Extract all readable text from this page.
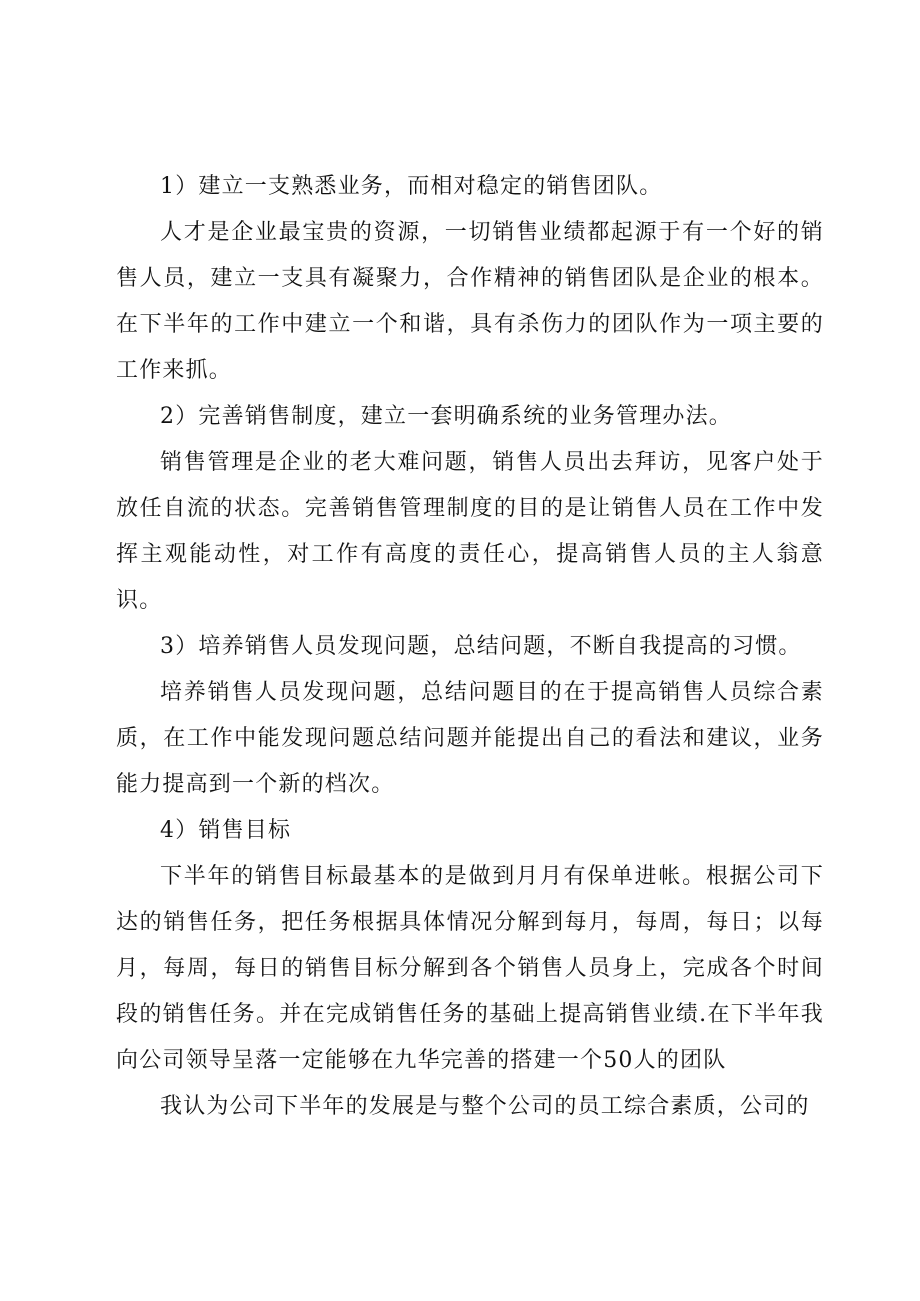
1）建立一支熟悉业务，而相对稳定的销售团队。

人才是企业最宝贵的资源，一切销售业绩都起源于有一个好的销售人员，建立一支具有凝聚力，合作精神的销售团队是企业的根本。在下半年的工作中建立一个和谐，具有杀伤力的团队作为一项主要的工作来抓。

2）完善销售制度，建立一套明确系统的业务管理办法。

销售管理是企业的老大难问题，销售人员出去拜访，见客户处于放任自流的状态。完善销售管理制度的目的是让销售人员在工作中发挥主观能动性，对工作有高度的责任心，提高销售人员的主人翁意识。

3）培养销售人员发现问题，总结问题，不断自我提高的习惯。

培养销售人员发现问题，总结问题目的在于提高销售人员综合素质，在工作中能发现问题总结问题并能提出自己的看法和建议，业务能力提高到一个新的档次。

4）销售目标

下半年的销售目标最基本的是做到月月有保单进帐。根据公司下达的销售任务，把任务根据具体情况分解到每月，每周，每日；以每月，每周，每日的销售目标分解到各个销售人员身上，完成各个时间段的销售任务。并在完成销售任务的基础上提高销售业绩.在下半年我向公司领导呈落一定能够在九华完善的搭建一个50人的团队

我认为公司下半年的发展是与整个公司的员工综合素质，公司的
